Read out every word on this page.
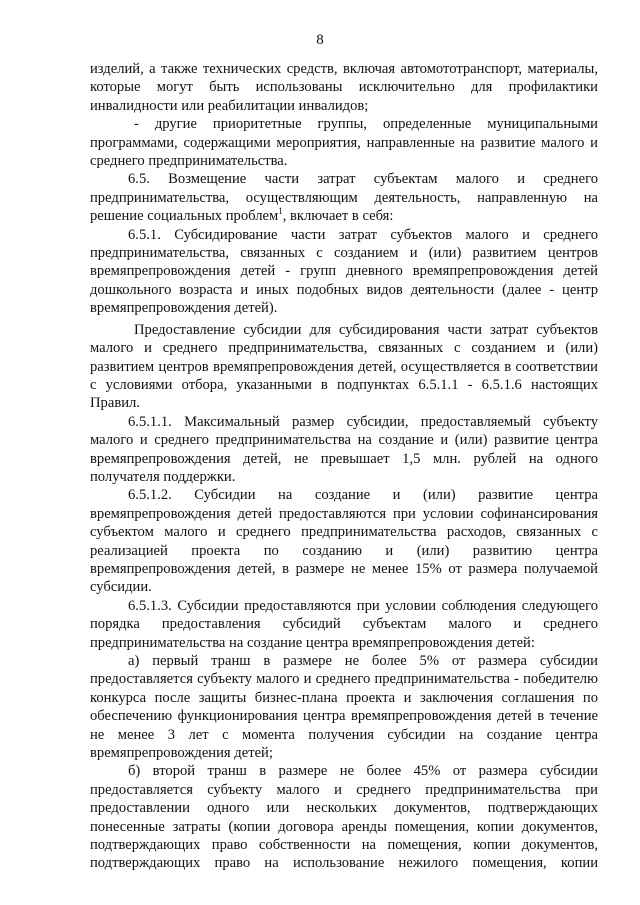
8

изделий, а также технических средств, включая автомототранспорт, материалы, которые могут быть использованы исключительно для профилактики инвалидности или реабилитации инвалидов;

- другие приоритетные группы, определенные муниципальными программами, содержащими мероприятия, направленные на развитие малого и среднего предпринимательства.

6.5. Возмещение части затрат субъектам малого и среднего предпринимательства, осуществляющим деятельность, направленную на решение социальных проблем$^1$, включает в себя:

6.5.1. Субсидирование части затрат субъектов малого и среднего предпринимательства, связанных с созданием и (или) развитием центров времяпрепровождения детей - групп дневного времяпрепровождения детей дошкольного возраста и иных подобных видов деятельности (далее - центр времяпрепровождения детей).

Предоставление субсидии для субсидирования части затрат субъектов малого и среднего предпринимательства, связанных с созданием и (или) развитием центров времяпрепровождения детей, осуществляется в соответствии с условиями отбора, указанными в подпунктах 6.5.1.1 - 6.5.1.6 настоящих Правил.

6.5.1.1. Максимальный размер субсидии, предоставляемый субъекту малого и среднего предпринимательства на создание и (или) развитие центра времяпрепровождения детей, не превышает 1,5 млн. рублей на одного получателя поддержки.

6.5.1.2. Субсидии на создание и (или) развитие центра времяпрепровождения детей предоставляются при условии софинансирования субъектом малого и среднего предпринимательства расходов, связанных с реализацией проекта по созданию и (или) развитию центра времяпрепровождения детей, в размере не менее 15% от размера получаемой субсидии.

6.5.1.3. Субсидии предоставляются при условии соблюдения следующего порядка предоставления субсидий субъектам малого и среднего предпринимательства на создание центра времяпрепровождения детей:

а) первый транш в размере не более 5% от размера субсидии предоставляется субъекту малого и среднего предпринимательства - победителю конкурса после защиты бизнес-плана проекта и заключения соглашения по обеспечению функционирования центра времяпрепровождения детей в течение не менее 3 лет с момента получения субсидии на создание центра времяпрепровождения детей;

б) второй транш в размере не более 45% от размера субсидии предоставляется субъекту малого и среднего предпринимательства при предоставлении одного или нескольких документов, подтверждающих понесенные затраты (копии договора аренды помещения, копии документов, подтверждающих право собственности на помещения, копии документов, подтверждающих право на использование нежилого помещения, копии
